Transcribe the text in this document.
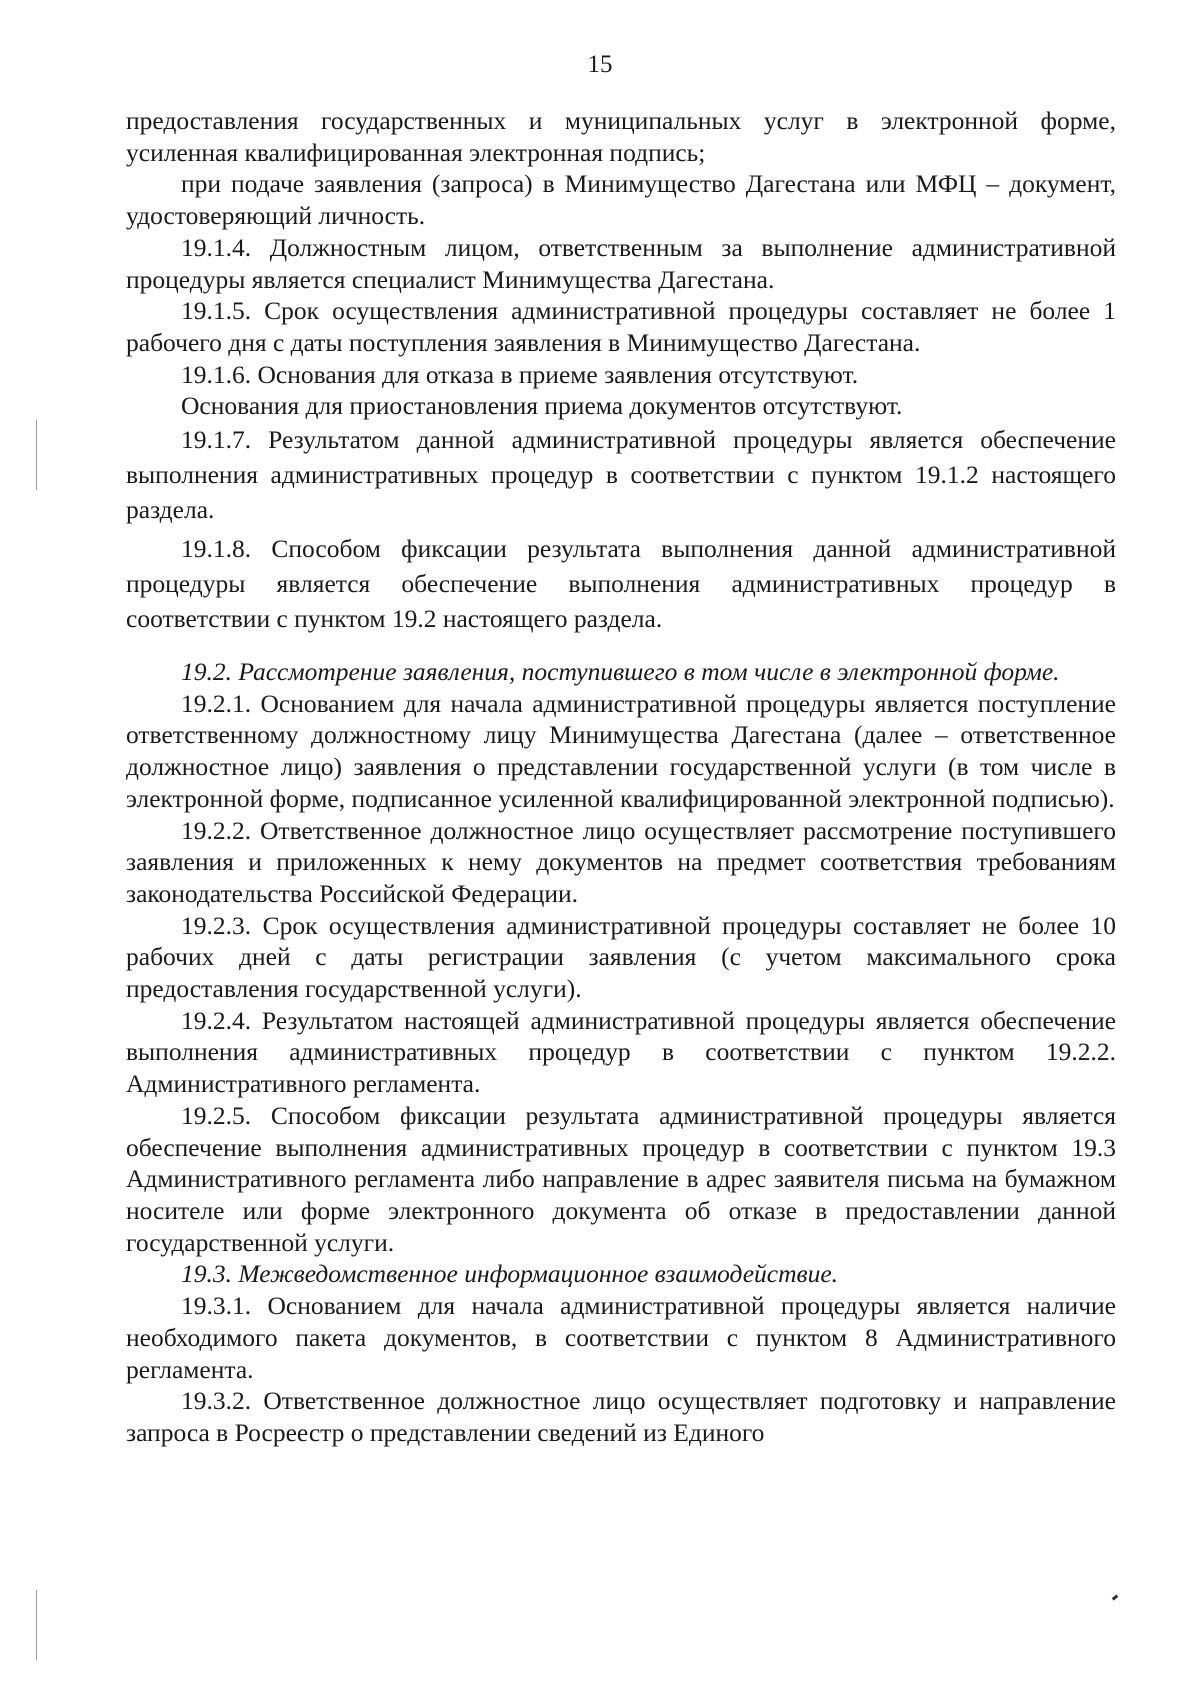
15

предоставления государственных и муниципальных услуг в электронной форме, усиленная квалифицированная электронная подпись;

при подаче заявления (запроса) в Минимущество Дагестана или МФЦ – документ, удостоверяющий личность.

19.1.4. Должностным лицом, ответственным за выполнение административной процедуры является специалист Минимущества Дагестана.

19.1.5. Срок осуществления административной процедуры составляет не более 1 рабочего дня с даты поступления заявления в Минимущество Дагестана.

19.1.6. Основания для отказа в приеме заявления отсутствуют.

Основания для приостановления приема документов отсутствуют.

19.1.7. Результатом данной административной процедуры является обеспечение выполнения административных процедур в соответствии с пунктом 19.1.2 настоящего раздела.

19.1.8. Способом фиксации результата выполнения данной административной процедуры является обеспечение выполнения административных процедур в соответствии с пунктом 19.2 настоящего раздела.

19.2. Рассмотрение заявления, поступившего в том числе в электронной форме.

19.2.1. Основанием для начала административной процедуры является поступление ответственному должностному лицу Минимущества Дагестана (далее – ответственное должностное лицо) заявления о представлении государственной услуги (в том числе в электронной форме, подписанное усиленной квалифицированной электронной подписью).

19.2.2. Ответственное должностное лицо осуществляет рассмотрение поступившего заявления и приложенных к нему документов на предмет соответствия требованиям законодательства Российской Федерации.

19.2.3. Срок осуществления административной процедуры составляет не более 10 рабочих дней с даты регистрации заявления (с учетом максимального срока предоставления государственной услуги).

19.2.4. Результатом настоящей административной процедуры является обеспечение выполнения административных процедур в соответствии с пунктом 19.2.2. Административного регламента.

19.2.5. Способом фиксации результата административной процедуры является обеспечение выполнения административных процедур в соответствии с пунктом 19.3 Административного регламента либо направление в адрес заявителя письма на бумажном носителе или форме электронного документа об отказе в предоставлении данной государственной услуги.

19.3. Межведомственное информационное взаимодействие.

19.3.1. Основанием для начала административной процедуры является наличие необходимого пакета документов, в соответствии с пунктом 8 Административного регламента.

19.3.2. Ответственное должностное лицо осуществляет подготовку и направление запроса в Росреестр о представлении сведений из Единого
